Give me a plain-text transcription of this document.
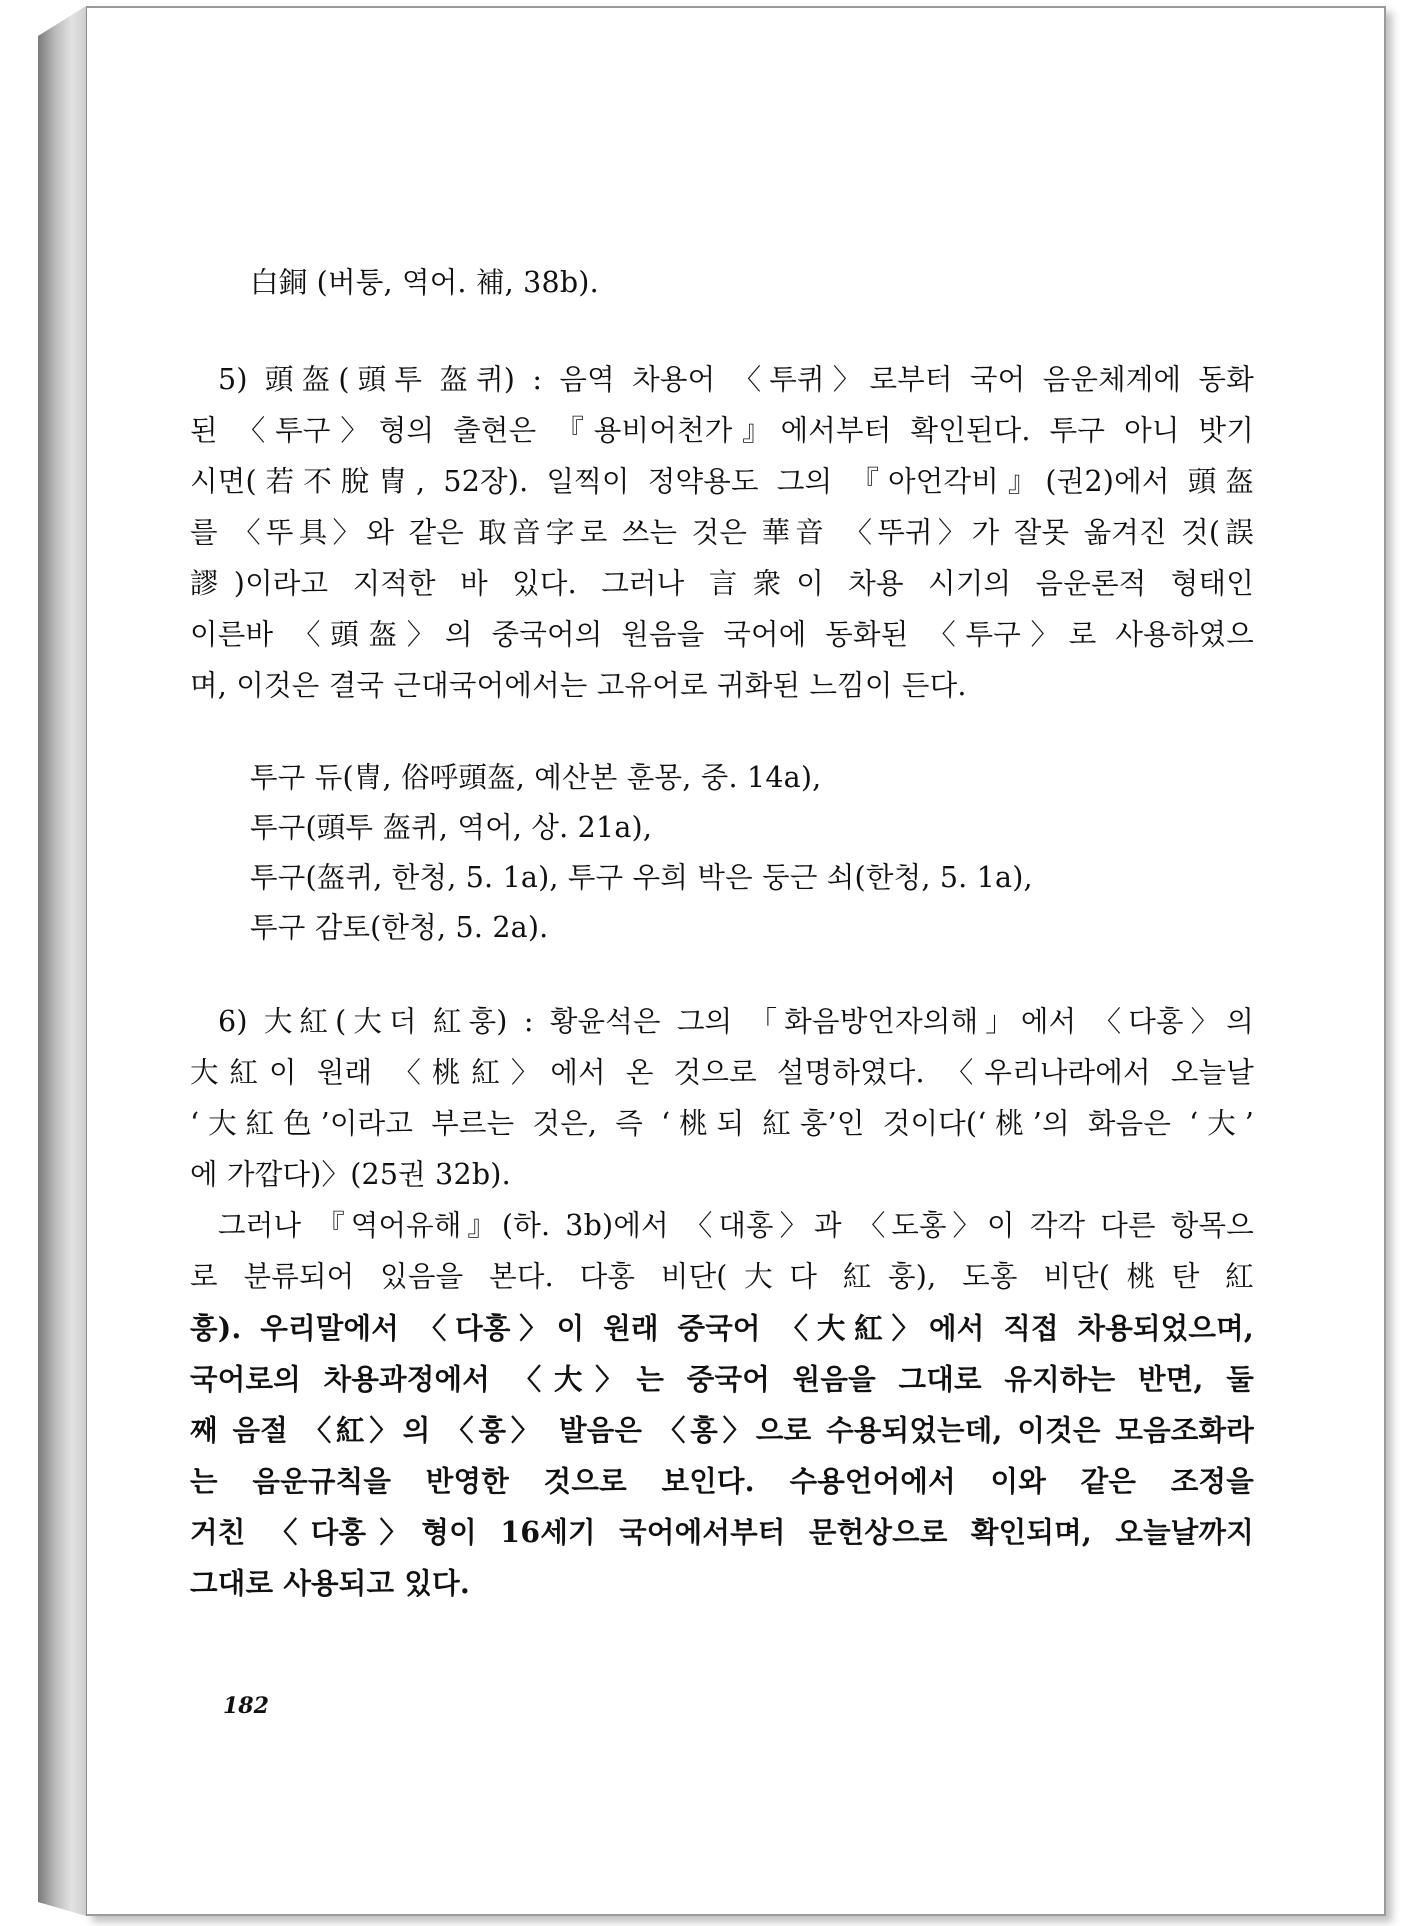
白銅 (버퉁, 역어. 補, 38b).
5) 頭盔(頭투 盔퀴) : 음역 차용어 〈투퀴〉로부터 국어 음운체계에 동화
된 〈투구〉형의 출현은 『용비어천가』에서부터 확인된다. 투구 아니 밧기
시면(若不脫冑, 52장). 일찍이 정약용도 그의 『아언각비』(권2)에서 頭盔
를 〈뚜具〉와 같은 取音字로 쓰는 것은 華音 〈뚜귀〉가 잘못 옮겨진 것(誤
謬)이라고 지적한 바 있다. 그러나 言衆이 차용 시기의 음운론적 형태인
이른바 〈頭盔〉의 중국어의 원음을 국어에 동화된 〈투구〉로 사용하였으
며, 이것은 결국 근대국어에서는 고유어로 귀화된 느낌이 든다.
투구 듀(冑, 俗呼頭盔, 예산본 훈몽, 중. 14a),
투구(頭투 盔퀴, 역어, 상. 21a),
투구(盔퀴, 한청, 5. 1a), 투구 우희 박은 둥근 쇠(한청, 5. 1a),
투구 감토(한청, 5. 2a).
6) 大紅(大더 紅훙) : 황윤석은 그의 「화음방언자의해」에서 〈다홍〉의
大紅이 원래 〈桃紅〉에서 온 것으로 설명하였다. 〈우리나라에서 오늘날
‘大紅色’이라고 부르는 것은, 즉 ‘桃되 紅훙’인 것이다(‘桃’의 화음은 ‘大’
에 가깝다)〉(25권 32b).
그러나 『역어유해』(하. 3b)에서 〈대홍〉과 〈도홍〉이 각각 다른 항목으
로 분류되어 있음을 본다. 다홍 비단(大다 紅훙), 도홍 비단(桃탄 紅
훙). 우리말에서 〈다홍〉이 원래 중국어 〈大紅〉에서 직접 차용되었으며,
국어로의 차용과정에서 〈大〉는 중국어 원음을 그대로 유지하는 반면, 둘
째 음절 〈紅〉의 〈훙〉 발음은 〈홍〉으로 수용되었는데, 이것은 모음조화라
는 음운규칙을 반영한 것으로 보인다. 수용언어에서 이와 같은 조정을
거친 〈다홍〉형이 16세기 국어에서부터 문헌상으로 확인되며, 오늘날까지
그대로 사용되고 있다.
182
